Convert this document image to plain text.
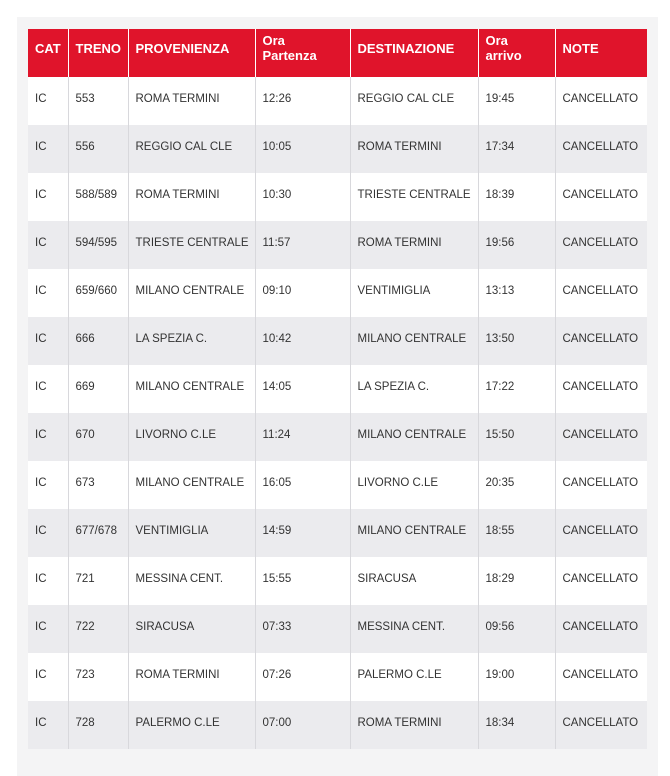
CAT	TRENO	PROVENIENZA	Ora Partenza	DESTINAZIONE	Ora arrivo	NOTE
IC	553	ROMA TERMINI	12:26	REGGIO CAL CLE	19:45	CANCELLATO
IC	556	REGGIO CAL CLE	10:05	ROMA TERMINI	17:34	CANCELLATO
IC	588/589	ROMA TERMINI	10:30	TRIESTE CENTRALE	18:39	CANCELLATO
IC	594/595	TRIESTE CENTRALE	11:57	ROMA TERMINI	19:56	CANCELLATO
IC	659/660	MILANO CENTRALE	09:10	VENTIMIGLIA	13:13	CANCELLATO
IC	666	LA SPEZIA C.	10:42	MILANO CENTRALE	13:50	CANCELLATO
IC	669	MILANO CENTRALE	14:05	LA SPEZIA C.	17:22	CANCELLATO
IC	670	LIVORNO C.LE	11:24	MILANO CENTRALE	15:50	CANCELLATO
IC	673	MILANO CENTRALE	16:05	LIVORNO C.LE	20:35	CANCELLATO
IC	677/678	VENTIMIGLIA	14:59	MILANO CENTRALE	18:55	CANCELLATO
IC	721	MESSINA CENT.	15:55	SIRACUSA	18:29	CANCELLATO
IC	722	SIRACUSA	07:33	MESSINA CENT.	09:56	CANCELLATO
IC	723	ROMA TERMINI	07:26	PALERMO C.LE	19:00	CANCELLATO
IC	728	PALERMO C.LE	07:00	ROMA TERMINI	18:34	CANCELLATO
